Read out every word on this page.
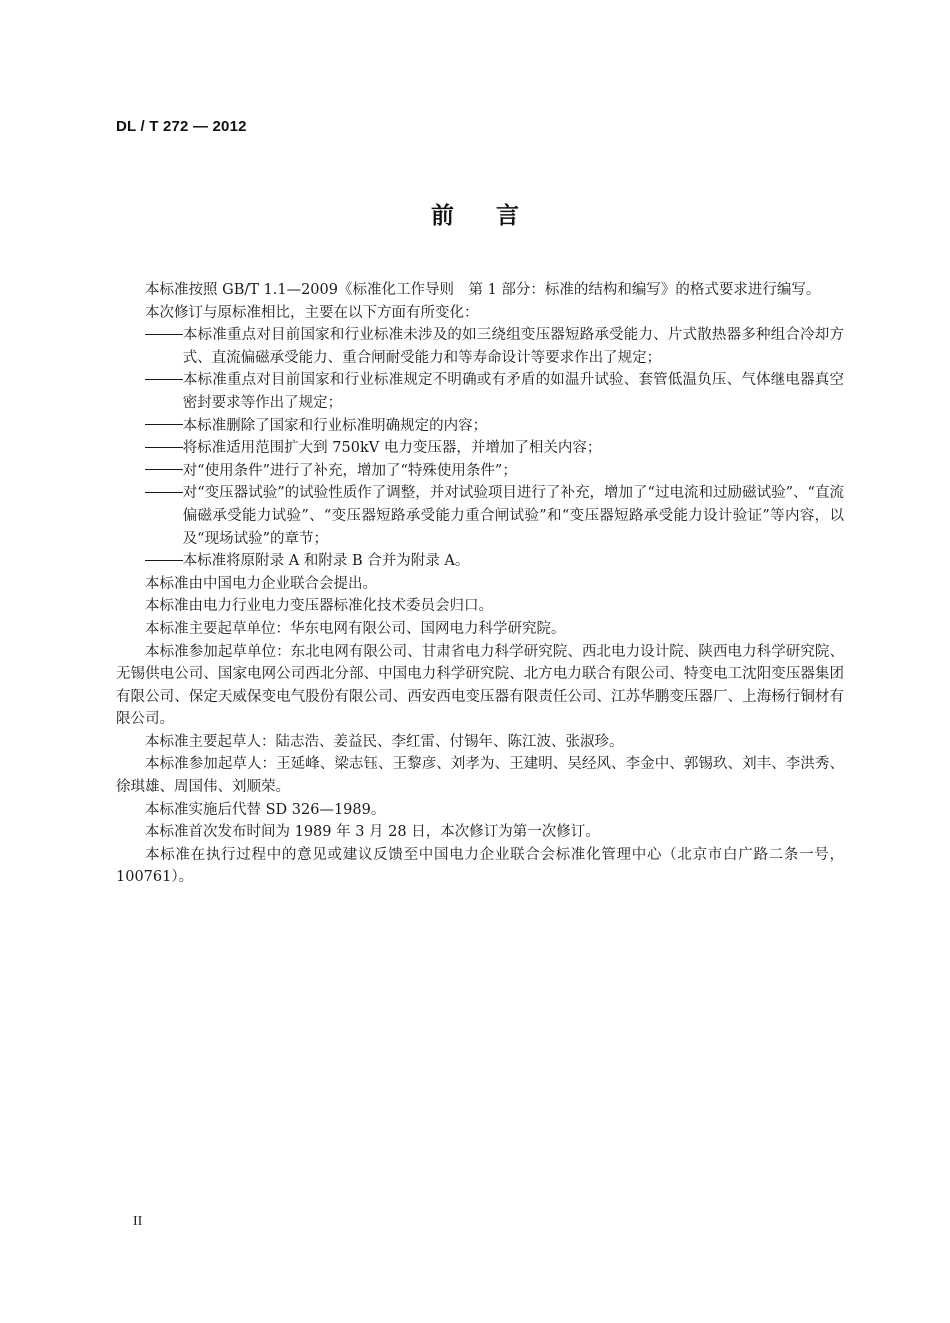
DL / T 272 — 2012
前 言

本标准按照 GB/T 1.1—2009《标准化工作导则　第 1 部分：标准的结构和编写》的格式要求进行编写。

本次修订与原标准相比，主要在以下方面有所变化：

本标准重点对目前国家和行业标准未涉及的如三绕组变压器短路承受能力、片式散热器多种组合冷却方式、直流偏磁承受能力、重合闸耐受能力和等寿命设计等要求作出了规定；

本标准重点对目前国家和行业标准规定不明确或有矛盾的如温升试验、套管低温负压、气体继电器真空密封要求等作出了规定；

本标准删除了国家和行业标准明确规定的内容；

将标准适用范围扩大到 750kV 电力变压器，并增加了相关内容；

对“使用条件”进行了补充，增加了“特殊使用条件”；

对“变压器试验”的试验性质作了调整，并对试验项目进行了补充，增加了“过电流和过励磁试验”、“直流偏磁承受能力试验”、“变压器短路承受能力重合闸试验”和“变压器短路承受能力设计验证”等内容，以及“现场试验”的章节；

本标准将原附录 A 和附录 B 合并为附录 A。

本标准由中国电力企业联合会提出。

本标准由电力行业电力变压器标准化技术委员会归口。

本标准主要起草单位：华东电网有限公司、国网电力科学研究院。

本标准参加起草单位：东北电网有限公司、甘肃省电力科学研究院、西北电力设计院、陕西电力科学研究院、无锡供电公司、国家电网公司西北分部、中国电力科学研究院、北方电力联合有限公司、特变电工沈阳变压器集团有限公司、保定天威保变电气股份有限公司、西安西电变压器有限责任公司、江苏华鹏变压器厂、上海杨行铜材有限公司。

本标准主要起草人：陆志浩、姜益民、李红雷、付锡年、陈江波、张淑珍。

本标准参加起草人：王延峰、梁志钰、王黎彦、刘孝为、王建明、吴经风、李金中、郭锡玖、刘丰、李洪秀、徐琪雄、周国伟、刘顺荣。

本标准实施后代替 SD 326—1989。

本标准首次发布时间为 1989 年 3 月 28 日，本次修订为第一次修订。

本标准在执行过程中的意见或建议反馈至中国电力企业联合会标准化管理中心（北京市白广路二条一号，100761）。

II
